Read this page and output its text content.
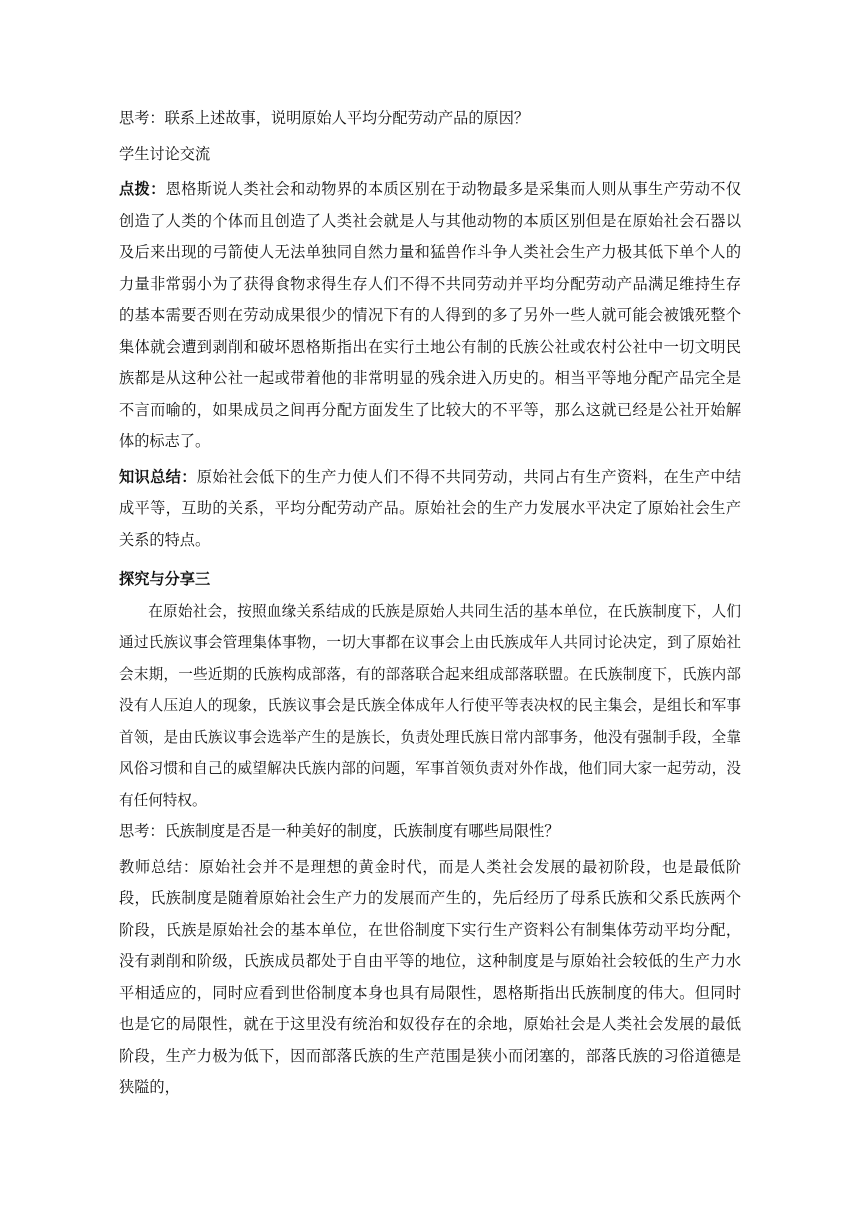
思考：联系上述故事，说明原始人平均分配劳动产品的原因？

学生讨论交流

点拨：恩格斯说人类社会和动物界的本质区别在于动物最多是采集而人则从事生产劳动不仅创造了人类的个体而且创造了人类社会就是人与其他动物的本质区别但是在原始社会石器以及后来出现的弓箭使人无法单独同自然力量和猛兽作斗争人类社会生产力极其低下单个人的力量非常弱小为了获得食物求得生存人们不得不共同劳动并平均分配劳动产品满足维持生存的基本需要否则在劳动成果很少的情况下有的人得到的多了另外一些人就可能会被饿死整个集体就会遭到剥削和破坏恩格斯指出在实行土地公有制的氏族公社或农村公社中一切文明民族都是从这种公社一起或带着他的非常明显的残余进入历史的。相当平等地分配产品完全是不言而喻的，如果成员之间再分配方面发生了比较大的不平等，那么这就已经是公社开始解体的标志了。

知识总结：原始社会低下的生产力使人们不得不共同劳动，共同占有生产资料，在生产中结成平等，互助的关系，平均分配劳动产品。原始社会的生产力发展水平决定了原始社会生产关系的特点。

探究与分享三

在原始社会，按照血缘关系结成的氏族是原始人共同生活的基本单位，在氏族制度下，人们通过氏族议事会管理集体事物，一切大事都在议事会上由氏族成年人共同讨论决定，到了原始社会末期，一些近期的氏族构成部落，有的部落联合起来组成部落联盟。在氏族制度下，氏族内部没有人压迫人的现象，氏族议事会是氏族全体成年人行使平等表决权的民主集会，是组长和军事首领，是由氏族议事会选举产生的是族长，负责处理氏族日常内部事务，他没有强制手段，全靠风俗习惯和自己的威望解决氏族内部的问题，军事首领负责对外作战，他们同大家一起劳动，没有任何特权。

思考：氏族制度是否是一种美好的制度，氏族制度有哪些局限性？

教师总结：原始社会并不是理想的黄金时代，而是人类社会发展的最初阶段，也是最低阶段，氏族制度是随着原始社会生产力的发展而产生的，先后经历了母系氏族和父系氏族两个阶段，氏族是原始社会的基本单位，在世俗制度下实行生产资料公有制集体劳动平均分配，没有剥削和阶级，氏族成员都处于自由平等的地位，这种制度是与原始社会较低的生产力水平相适应的，同时应看到世俗制度本身也具有局限性，恩格斯指出氏族制度的伟大。但同时也是它的局限性，就在于这里没有统治和奴役存在的余地，原始社会是人类社会发展的最低阶段，生产力极为低下，因而部落氏族的生产范围是狭小而闭塞的，部落氏族的习俗道德是狭隘的，
